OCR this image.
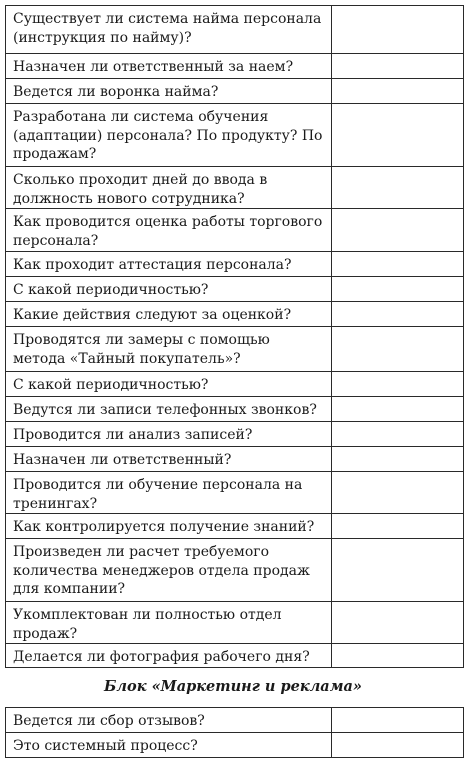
Существует ли система найма персонала (инструкция по найму)?	
Назначен ли ответственный за наем?	
Ведется ли воронка найма?	
Разработана ли система обучения (адаптации) персонала? По продукту? По продажам?	
Сколько проходит дней до ввода в должность нового сотрудника?	
Как проводится оценка работы торгового персонала?	
Как проходит аттестация персонала?	
С какой периодичностью?	
Какие действия следуют за оценкой?	
Проводятся ли замеры с помощью метода «Тайный покупатель»?	
С какой периодичностью?	
Ведутся ли записи телефонных звонков?	
Проводится ли анализ записей?	
Назначен ли ответственный?	
Проводится ли обучение персонала на тренингах?	
Как контролируется получение знаний?	
Произведен ли расчет требуемого количества менеджеров отдела продаж для компании?	
Укомплектован ли полностью отдел продаж?	
Делается ли фотография рабочего дня?	
Блок «Маркетинг и реклама»
Ведется ли сбор отзывов?	
Это системный процесс?	
